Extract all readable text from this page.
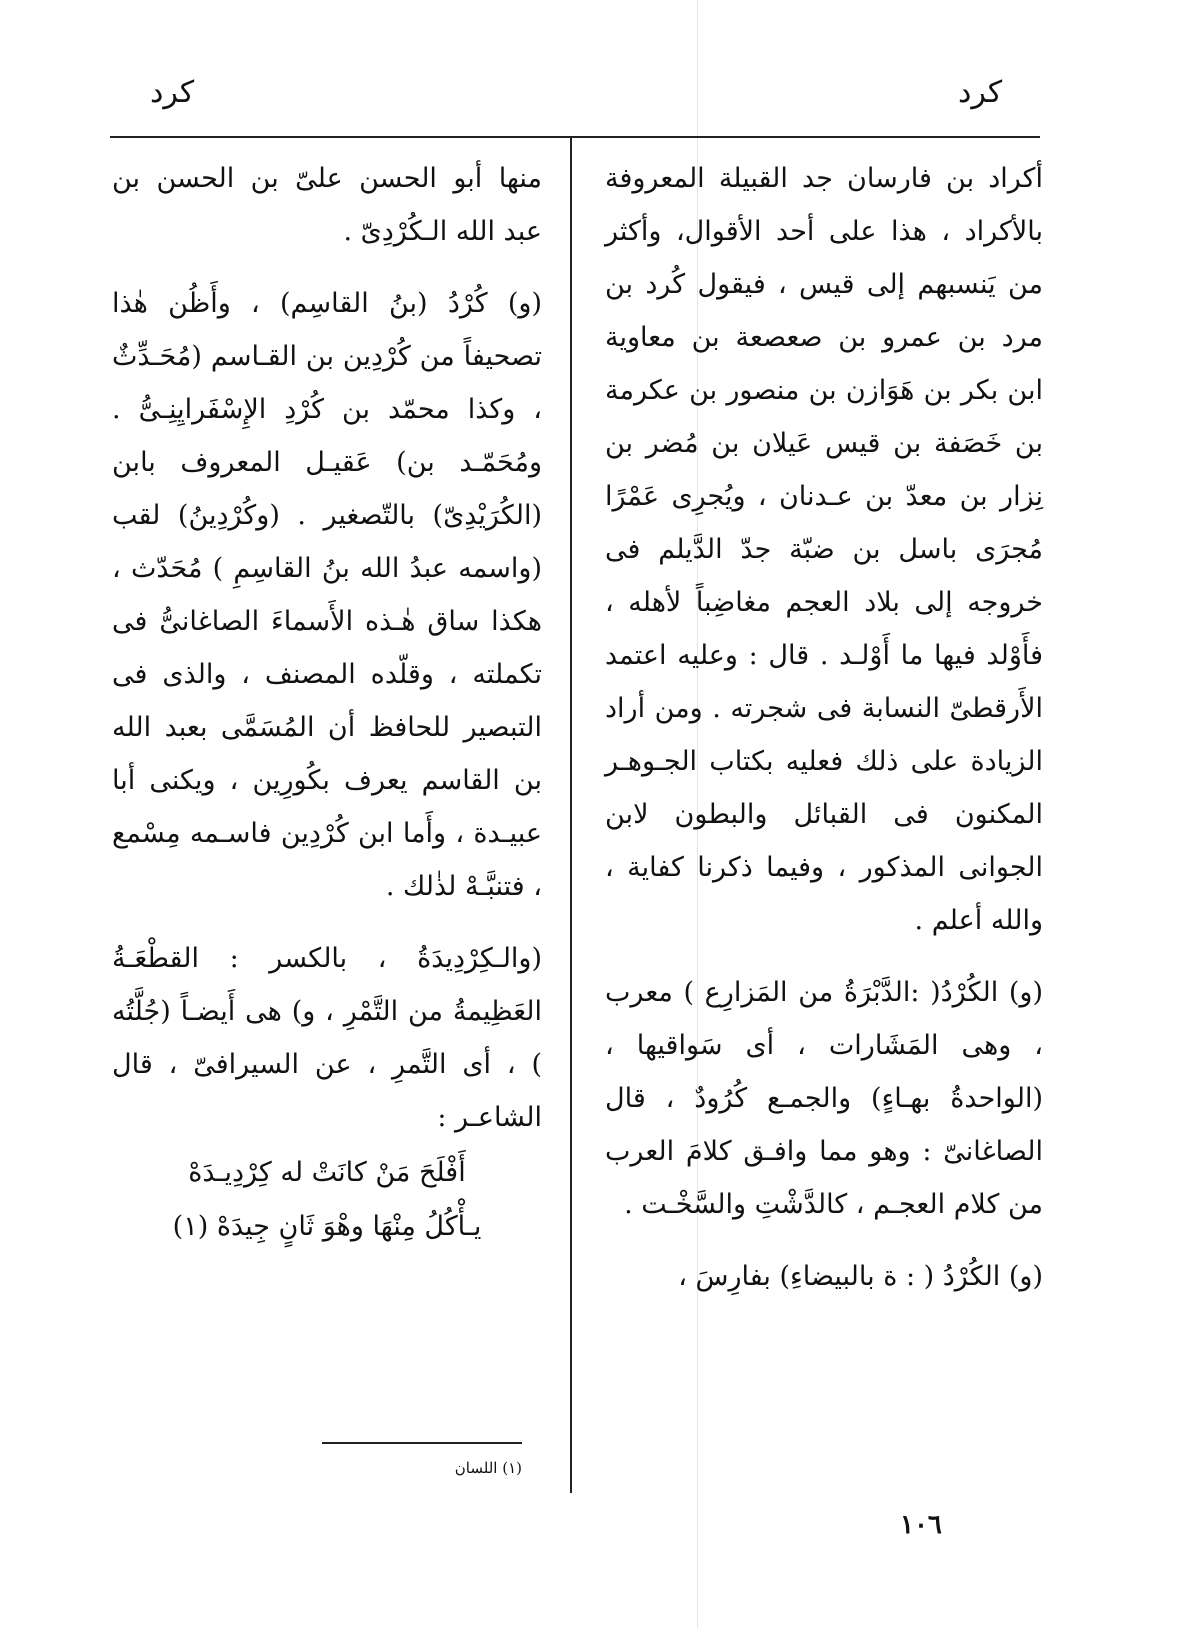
كرد	كرد

أكراد بن فارسان جد القبيلة المعروفة بالأكراد ، هذا على أحد الأقوال، وأكثر من يَنسبهم إلى قيس ، فيقول كُرد بن مرد بن عمرو بن صعصعة بن معاوية ابن بكر بن هَوَازن بن منصور بن عكرمة بن خَصَفة بن قيس عَيلان بن مُضر بن نِزار بن معدّ بن عـدنان ، ويُجرِى عَمْرًا مُجرَى باسل بن ضبّة جدّ الدَّيلم فى خروجه إلى بلاد العجم مغاضِباً لأهله ، فأَوْلد فيها ما أَوْلـد . قال : وعليه اعتمد الأَرقطىّ النسابة فى شجرته . ومن أراد الزيادة على ذلك فعليه بكتاب الجـوهـر المكنون فى القبائل والبطون لابن الجوانى المذكور ، وفيما ذكرنا كفاية ، والله أعلم .

(و) الكُرْدُ( :الدَّبْرَةُ من المَزارِع ) معرب ، وهى المَشَارات ، أى سَواقيها ، (الواحدةُ بهـاءٍ) والجمـع كُرُودٌ ، قال الصاغانىّ : وهو مما وافـق كلامَ العرب من كلام العجـم ، كالدَّشْتِ والسَّخْـت .

(و) الكُرْدُ ( : ة بالبيضاءِ) بفارِسَ ،

منها أبو الحسن علىّ بن الحسن بن عبد الله الـكُرْدِىّ .

(و) كُرْدُ (بنُ القاسِم) ، وأَظُن هٰذا تصحيفاً من كُرْدِين بن القـاسم (مُحَـدِّثٌ ، وكذا محمّد بن كُرْدِ الإِسْفَرايِنِـىُّ . ومُحَمّـد بن) عَقيـل المعروف بابن (الكُرَيْدِىّ) بالتّصغير . (وكُرْدِينُ) لقب (واسمه عبدُ الله بنُ القاسِمِ ) مُحَدّث ، هكذا ساق هٰـذه الأَسماءَ الصاغانىُّ فى تكملته ، وقلّده المصنف ، والذى فى التبصير للحافظ أن المُسَمَّى بعبد الله بن القاسم يعرف بكُورِين ، ويكنى أبا عبيـدة ، وأَما ابن كُرْدِين فاسـمه مِسْمع ، فتنبَّـهْ لذٰلك .

(والـكِرْدِيدَةُ ، بالكسر : القطْعَـةُ العَظِيمةُ من التَّمْرِ ، و) هى أَيضـاً (جُلَّتُه ) ، أى التَّمرِ ، عن السيرافىّ ، قال الشاعـر :

أَفْلَحَ مَنْ كانَتْ له كِرْدِيـدَهْ
يـأْكُلُ مِنْهَا وهْوَ ثَانٍ جِيدَهْ (١)
(١) اللسان
١٠٦
